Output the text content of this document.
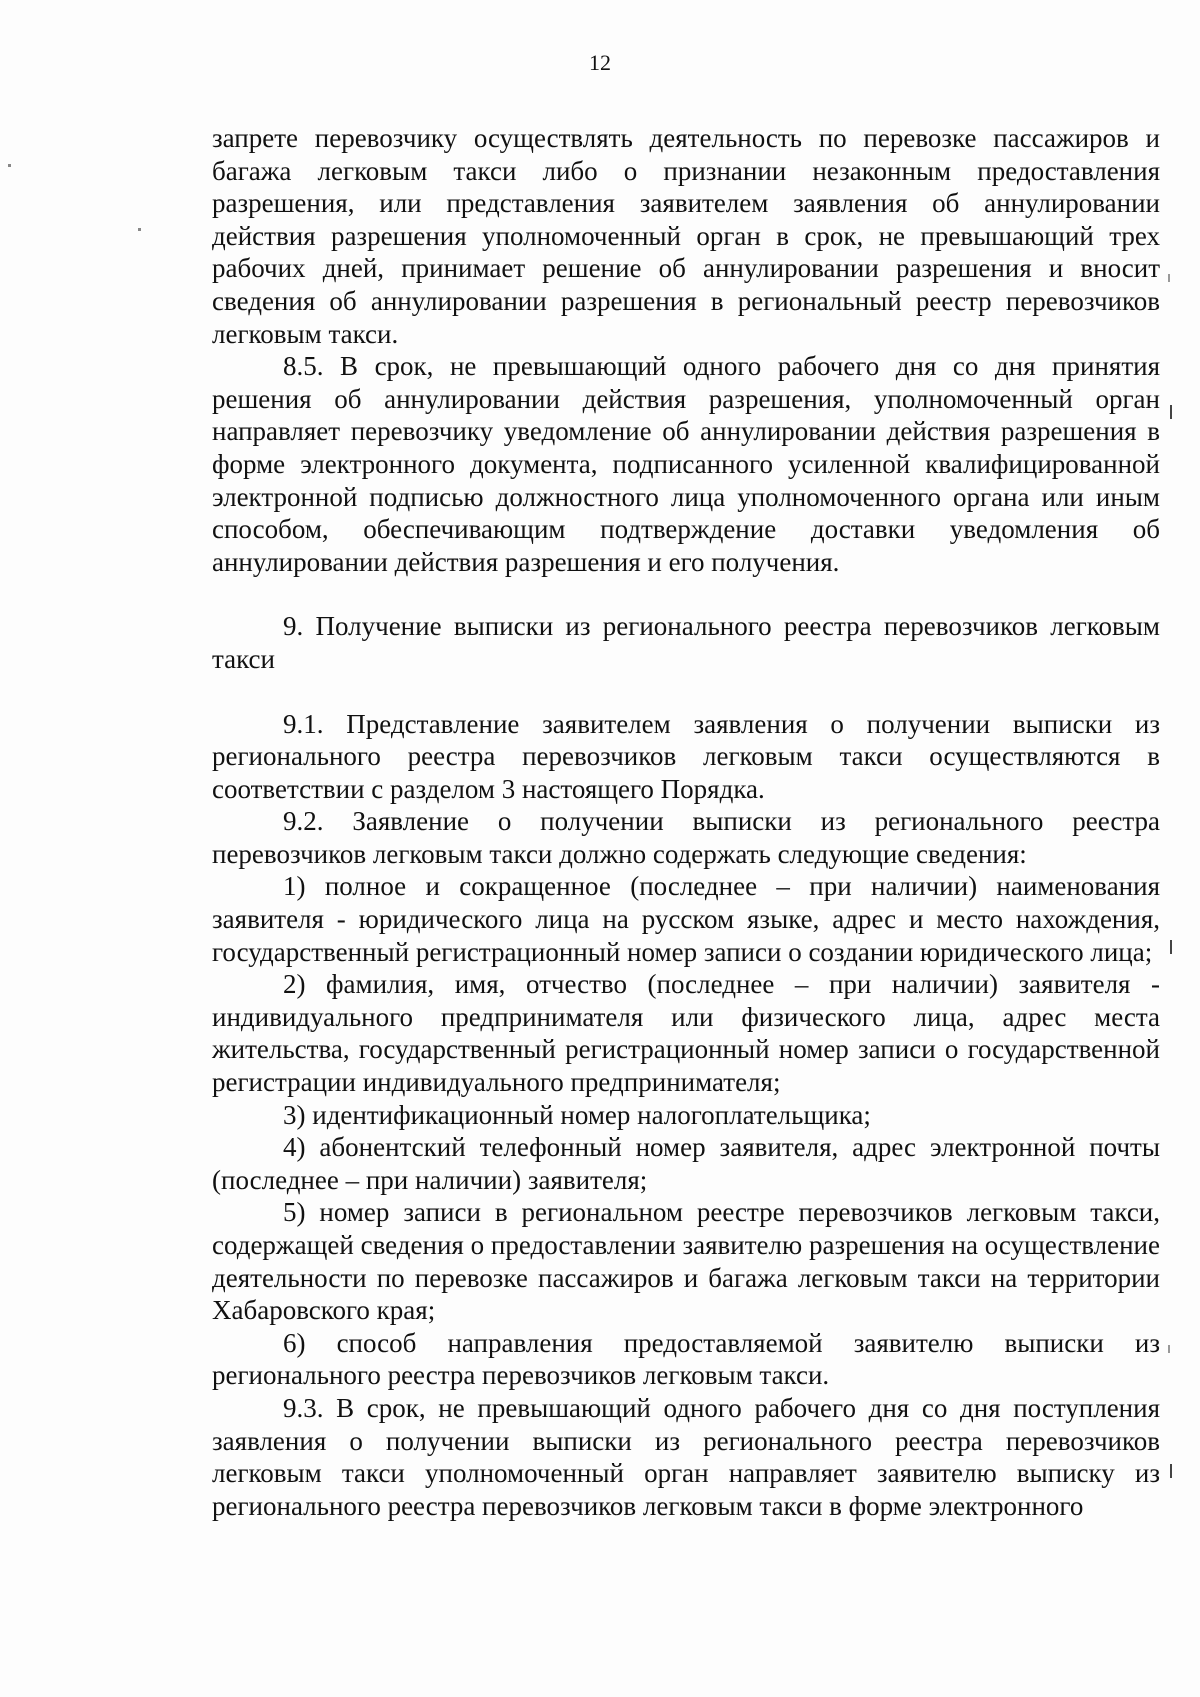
12

запрете перевозчику осуществлять деятельность по перевозке пассажиров и багажа легковым такси либо о признании незаконным предоставления разрешения, или представления заявителем заявления об аннулировании действия разрешения уполномоченный орган в срок, не превышающий трех рабочих дней, принимает решение об аннулировании разрешения и вносит сведения об аннулировании разрешения в региональный реестр перевозчиков легковым такси.

8.5. В срок, не превышающий одного рабочего дня со дня принятия решения об аннулировании действия разрешения, уполномоченный орган направляет перевозчику уведомление об аннулировании действия разрешения в форме электронного документа, подписанного усиленной квалифицированной электронной подписью должностного лица уполномоченного органа или иным способом, обеспечивающим подтверждение доставки уведомления об аннулировании действия разрешения и его получения.

9. Получение выписки из регионального реестра перевозчиков легковым такси

9.1. Представление заявителем заявления о получении выписки из регионального реестра перевозчиков легковым такси осуществляются в соответствии с разделом 3 настоящего Порядка.

9.2. Заявление о получении выписки из регионального реестра перевозчиков легковым такси должно содержать следующие сведения:

1) полное и сокращенное (последнее – при наличии) наименования заявителя - юридического лица на русском языке, адрес и место нахождения, государственный регистрационный номер записи о создании юридического лица;

2) фамилия, имя, отчество (последнее – при наличии) заявителя - индивидуального предпринимателя или физического лица, адрес места жительства, государственный регистрационный номер записи о государственной регистрации индивидуального предпринимателя;

3) идентификационный номер налогоплательщика;

4) абонентский телефонный номер заявителя, адрес электронной почты (последнее – при наличии) заявителя;

5) номер записи в региональном реестре перевозчиков легковым такси, содержащей сведения о предоставлении заявителю разрешения на осуществление деятельности по перевозке пассажиров и багажа легковым такси на территории Хабаровского края;

6) способ направления предоставляемой заявителю выписки из регионального реестра перевозчиков легковым такси.

9.3. В срок, не превышающий одного рабочего дня со дня поступления заявления о получении выписки из регионального реестра перевозчиков легковым такси уполномоченный орган направляет заявителю выписку из регионального реестра перевозчиков легковым такси в форме электронного
